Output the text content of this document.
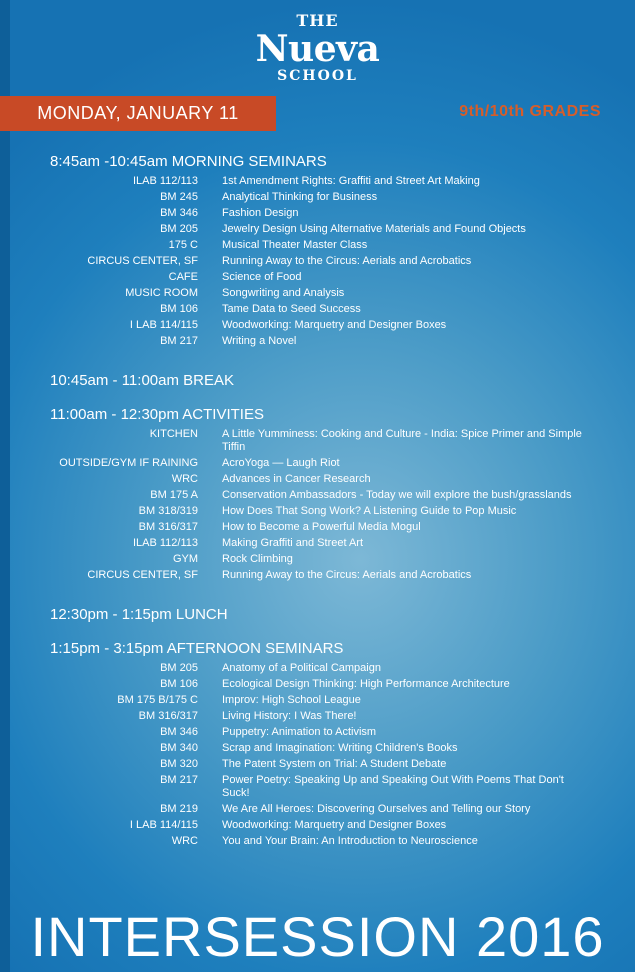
THE
Nueva
SCHOOL
MONDAY, JANUARY 11	9th/10th GRADES
8:45am -10:45am MORNING SEMINARS
ILAB 112/113 1st Amendment Rights: Graffiti and Street Art Making
BM 245 Analytical Thinking for Business
BM 346 Fashion Design
BM 205 Jewelry Design Using Alternative Materials and Found Objects
175 C Musical Theater Master Class
CIRCUS CENTER, SF Running Away to the Circus: Aerials and Acrobatics
CAFE Science of Food
MUSIC ROOM Songwriting and Analysis
BM 106 Tame Data to Seed Success
I LAB 114/115 Woodworking: Marquetry and Designer Boxes
BM 217 Writing a Novel
10:45am - 11:00am BREAK
11:00am - 12:30pm ACTIVITIES
KITCHEN A Little Yumminess: Cooking and Culture - India: Spice Primer and Simple Tiffin
OUTSIDE/GYM IF RAINING AcroYoga — Laugh Riot
WRC Advances in Cancer Research
BM 175 A Conservation Ambassadors - Today we will explore the bush/grasslands
BM 318/319 How Does That Song Work? A Listening Guide to Pop Music
BM 316/317 How to Become a Powerful Media Mogul
ILAB 112/113 Making Graffiti and Street Art
GYM Rock Climbing
CIRCUS CENTER, SF Running Away to the Circus: Aerials and Acrobatics
12:30pm - 1:15pm LUNCH
1:15pm - 3:15pm AFTERNOON SEMINARS
BM 205 Anatomy of a Political Campaign
BM 106 Ecological Design Thinking: High Performance Architecture
BM 175 B/175 C Improv: High School League
BM 316/317 Living History: I Was There!
BM 346 Puppetry: Animation to Activism
BM 340 Scrap and Imagination: Writing Children's Books
BM 320 The Patent System on Trial: A Student Debate
BM 217 Power Poetry: Speaking Up and Speaking Out With Poems That Don't Suck!
BM 219 We Are All Heroes: Discovering Ourselves and Telling our Story
I LAB 114/115 Woodworking: Marquetry and Designer Boxes
WRC You and Your Brain: An Introduction to Neuroscience
INTERSESSION 2016
